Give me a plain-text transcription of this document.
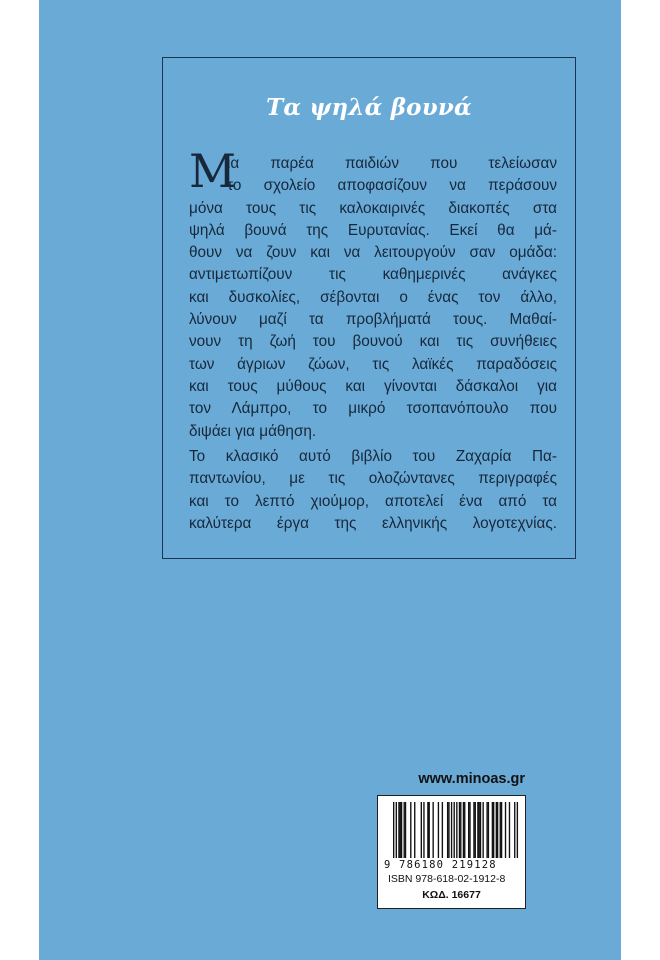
Τα ψηλά βουνά
Μ
ια παρέα παιδιών που τελείωσαν
το σχολείο αποφασίζουν να περάσουν
μόνα τους τις καλοκαιρινές διακοπές στα
ψηλά βουνά της Ευρυτανίας. Εκεί θα μά-
θουν να ζουν και να λειτουργούν σαν ομάδα:
αντιμετωπίζουν τις καθημερινές ανάγκες
και δυσκολίες, σέβονται ο ένας τον άλλο,
λύνουν μαζί τα προβλήματά τους. Μαθαί-
νουν τη ζωή του βουνού και τις συνήθειες
των άγριων ζώων, τις λαϊκές παραδόσεις
και τους μύθους και γίνονται δάσκαλοι για
τον Λάμπρο, το μικρό τσοπανόπουλο που
διψάει για μάθηση.
Το κλασικό αυτό βιβλίο του Ζαχαρία Πα-
παντωνίου, με τις ολοζώντανες περιγραφές
και το λεπτό χιούμορ, αποτελεί ένα από τα
καλύτερα έργα της ελληνικής λογοτεχνίας.
www.minoas.gr
9 786180 219128
ISBN 978-618-02-1912-8
ΚΩΔ. 16677
